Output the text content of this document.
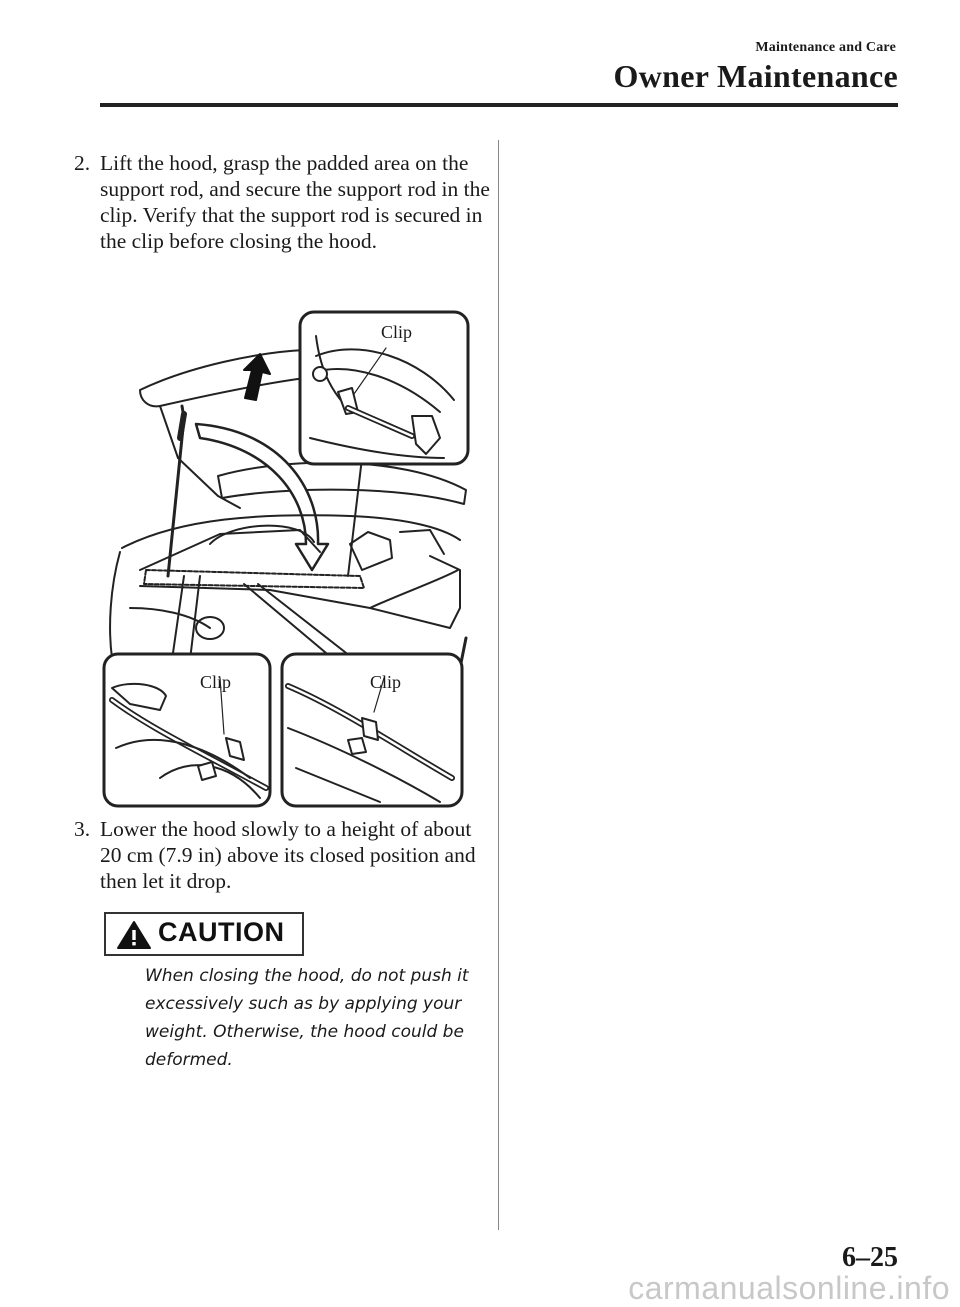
Maintenance and Care
Owner Maintenance
2. Lift the hood, grasp the padded area on the support rod, and secure the support rod in the clip. Verify that the support rod is secured in the clip before closing the hood.
Clip
Clip	Clip
3. Lower the hood slowly to a height of about 20 cm (7.9 in) above its closed position and then let it drop.
CAUTION
When closing the hood, do not push it excessively such as by applying your weight. Otherwise, the hood could be deformed.
6–25
carmanualsonline.info
